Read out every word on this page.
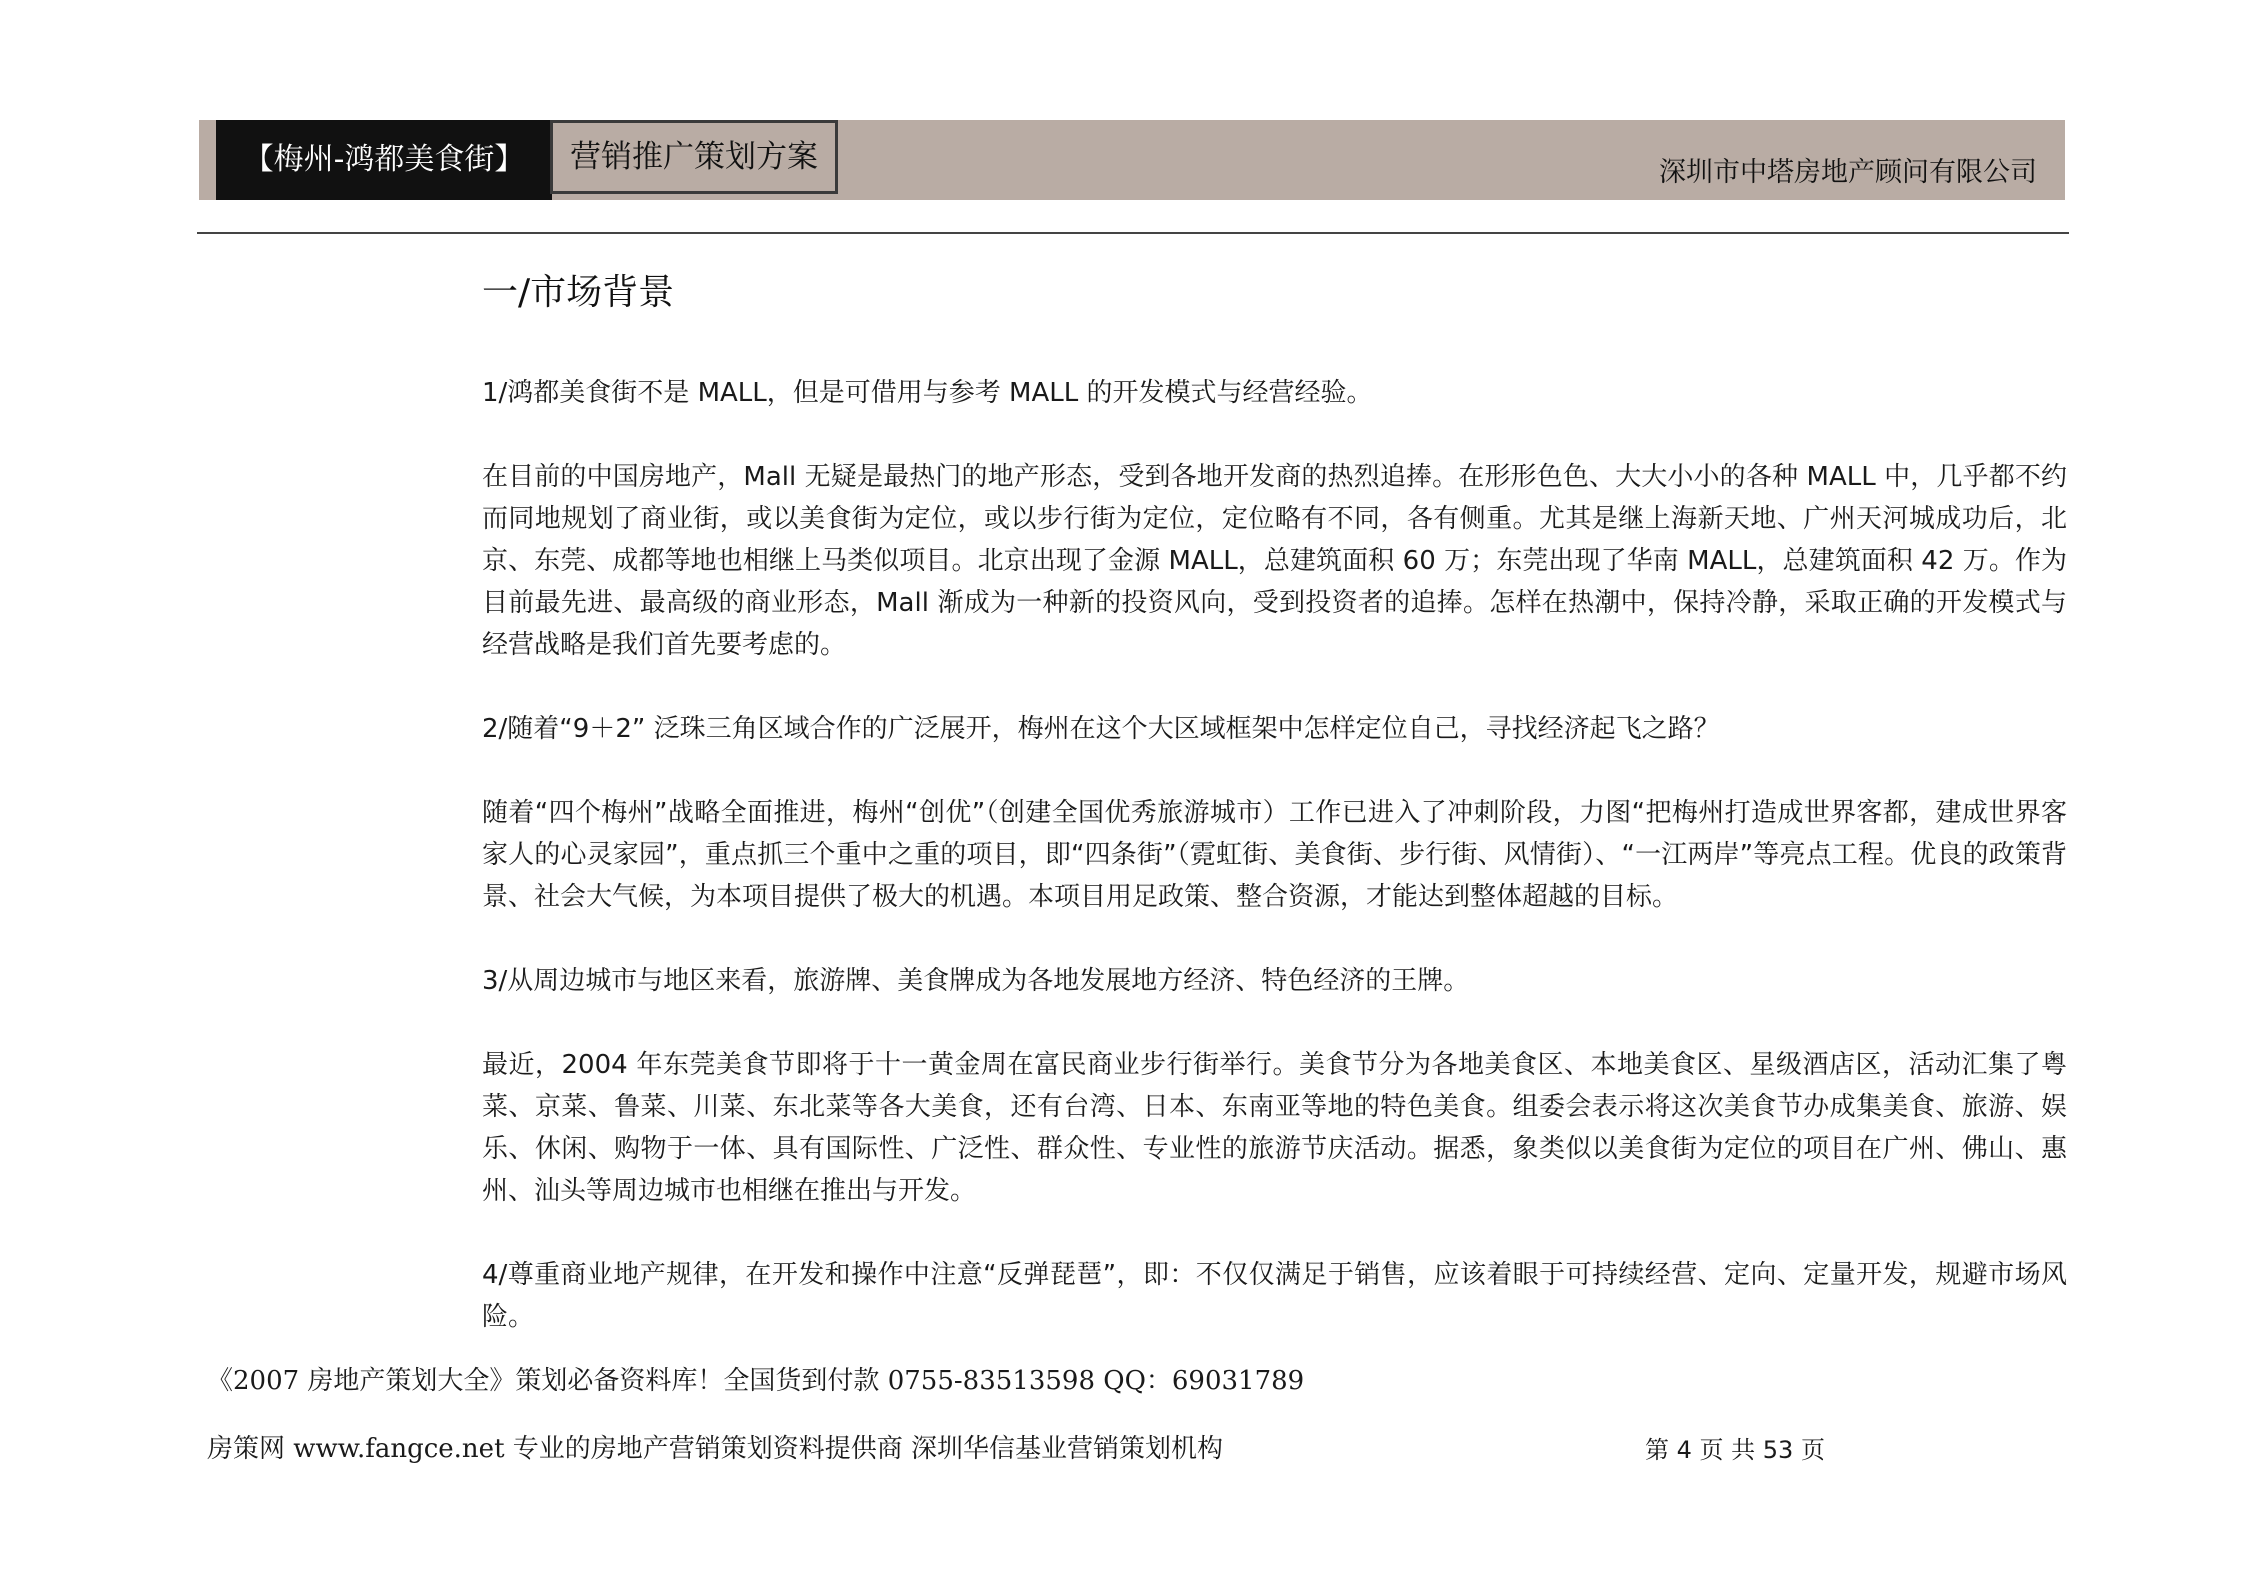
【梅州-鸿都美食街】	营销推广策划方案	深圳市中塔房地产顾问有限公司
一/市场背景

1/鸿都美食街不是 MALL，但是可借用与参考 MALL 的开发模式与经营经验。

在目前的中国房地产，Mall 无疑是最热门的地产形态，受到各地开发商的热烈追捧。在形形色色、大大小小的各种 MALL 中，几乎都不约而同地规划了商业街，或以美食街为定位，或以步行街为定位，定位略有不同，各有侧重。尤其是继上海新天地、广州天河城成功后，北京、东莞、成都等地也相继上马类似项目。北京出现了金源 MALL，总建筑面积 60 万；东莞出现了华南 MALL，总建筑面积 42 万。作为目前最先进、最高级的商业形态，Mall 渐成为一种新的投资风向，受到投资者的追捧。怎样在热潮中，保持冷静，采取正确的开发模式与经营战略是我们首先要考虑的。

2/随着“9＋2” 泛珠三角区域合作的广泛展开，梅州在这个大区域框架中怎样定位自己，寻找经济起飞之路？

随着“四个梅州”战略全面推进，梅州“创优”（创建全国优秀旅游城市）工作已进入了冲刺阶段，力图“把梅州打造成世界客都，建成世界客家人的心灵家园”，重点抓三个重中之重的项目，即“四条街”（霓虹街、美食街、步行街、风情街）、“一江两岸”等亮点工程。优良的政策背景、社会大气候，为本项目提供了极大的机遇。本项目用足政策、整合资源，才能达到整体超越的目标。

3/从周边城市与地区来看，旅游牌、美食牌成为各地发展地方经济、特色经济的王牌。

最近，2004 年东莞美食节即将于十一黄金周在富民商业步行街举行。美食节分为各地美食区、本地美食区、星级酒店区，活动汇集了粤菜、京菜、鲁菜、川菜、东北菜等各大美食，还有台湾、日本、东南亚等地的特色美食。组委会表示将这次美食节办成集美食、旅游、娱乐、休闲、购物于一体、具有国际性、广泛性、群众性、专业性的旅游节庆活动。据悉，象类似以美食街为定位的项目在广州、佛山、惠州、汕头等周边城市也相继在推出与开发。

4/尊重商业地产规律，在开发和操作中注意“反弹琵琶”，即：不仅仅满足于销售，应该着眼于可持续经营、定向、定量开发，规避市场风险。

《2007 房地产策划大全》策划必备资料库！全国货到付款 0755-83513598 QQ：69031789
房策网 www.fangce.net 专业的房地产营销策划资料提供商 深圳华信基业营销策划机构	第 4 页 共 53 页
